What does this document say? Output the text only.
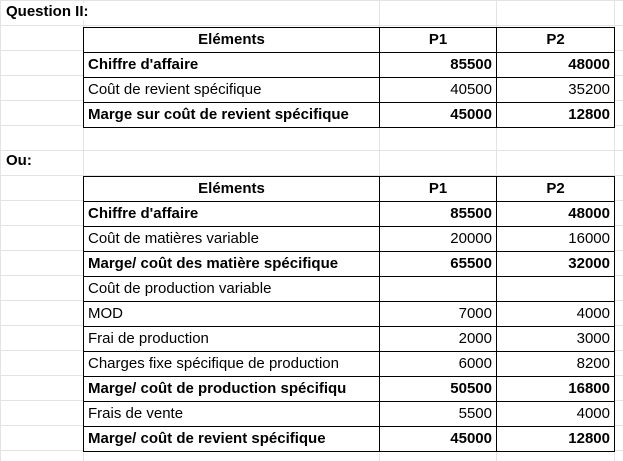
Question II:
Eléments	P1	P2
Chiffre d'affaire	85500	48000
Coût de revient spécifique	40500	35200
Marge sur coût de revient spécifique	45000	12800
Ou:
Eléments	P1	P2
Chiffre d'affaire	85500	48000
Coût de matières variable	20000	16000
Marge/ coût des matière spécifique	65500	32000
Coût de production variable		
MOD	7000	4000
Frai de production	2000	3000
Charges fixe spécifique de production	6000	8200
Marge/ coût de production spécifiqu	50500	16800
Frais de vente	5500	4000
Marge/ coût de revient spécifique	45000	12800
